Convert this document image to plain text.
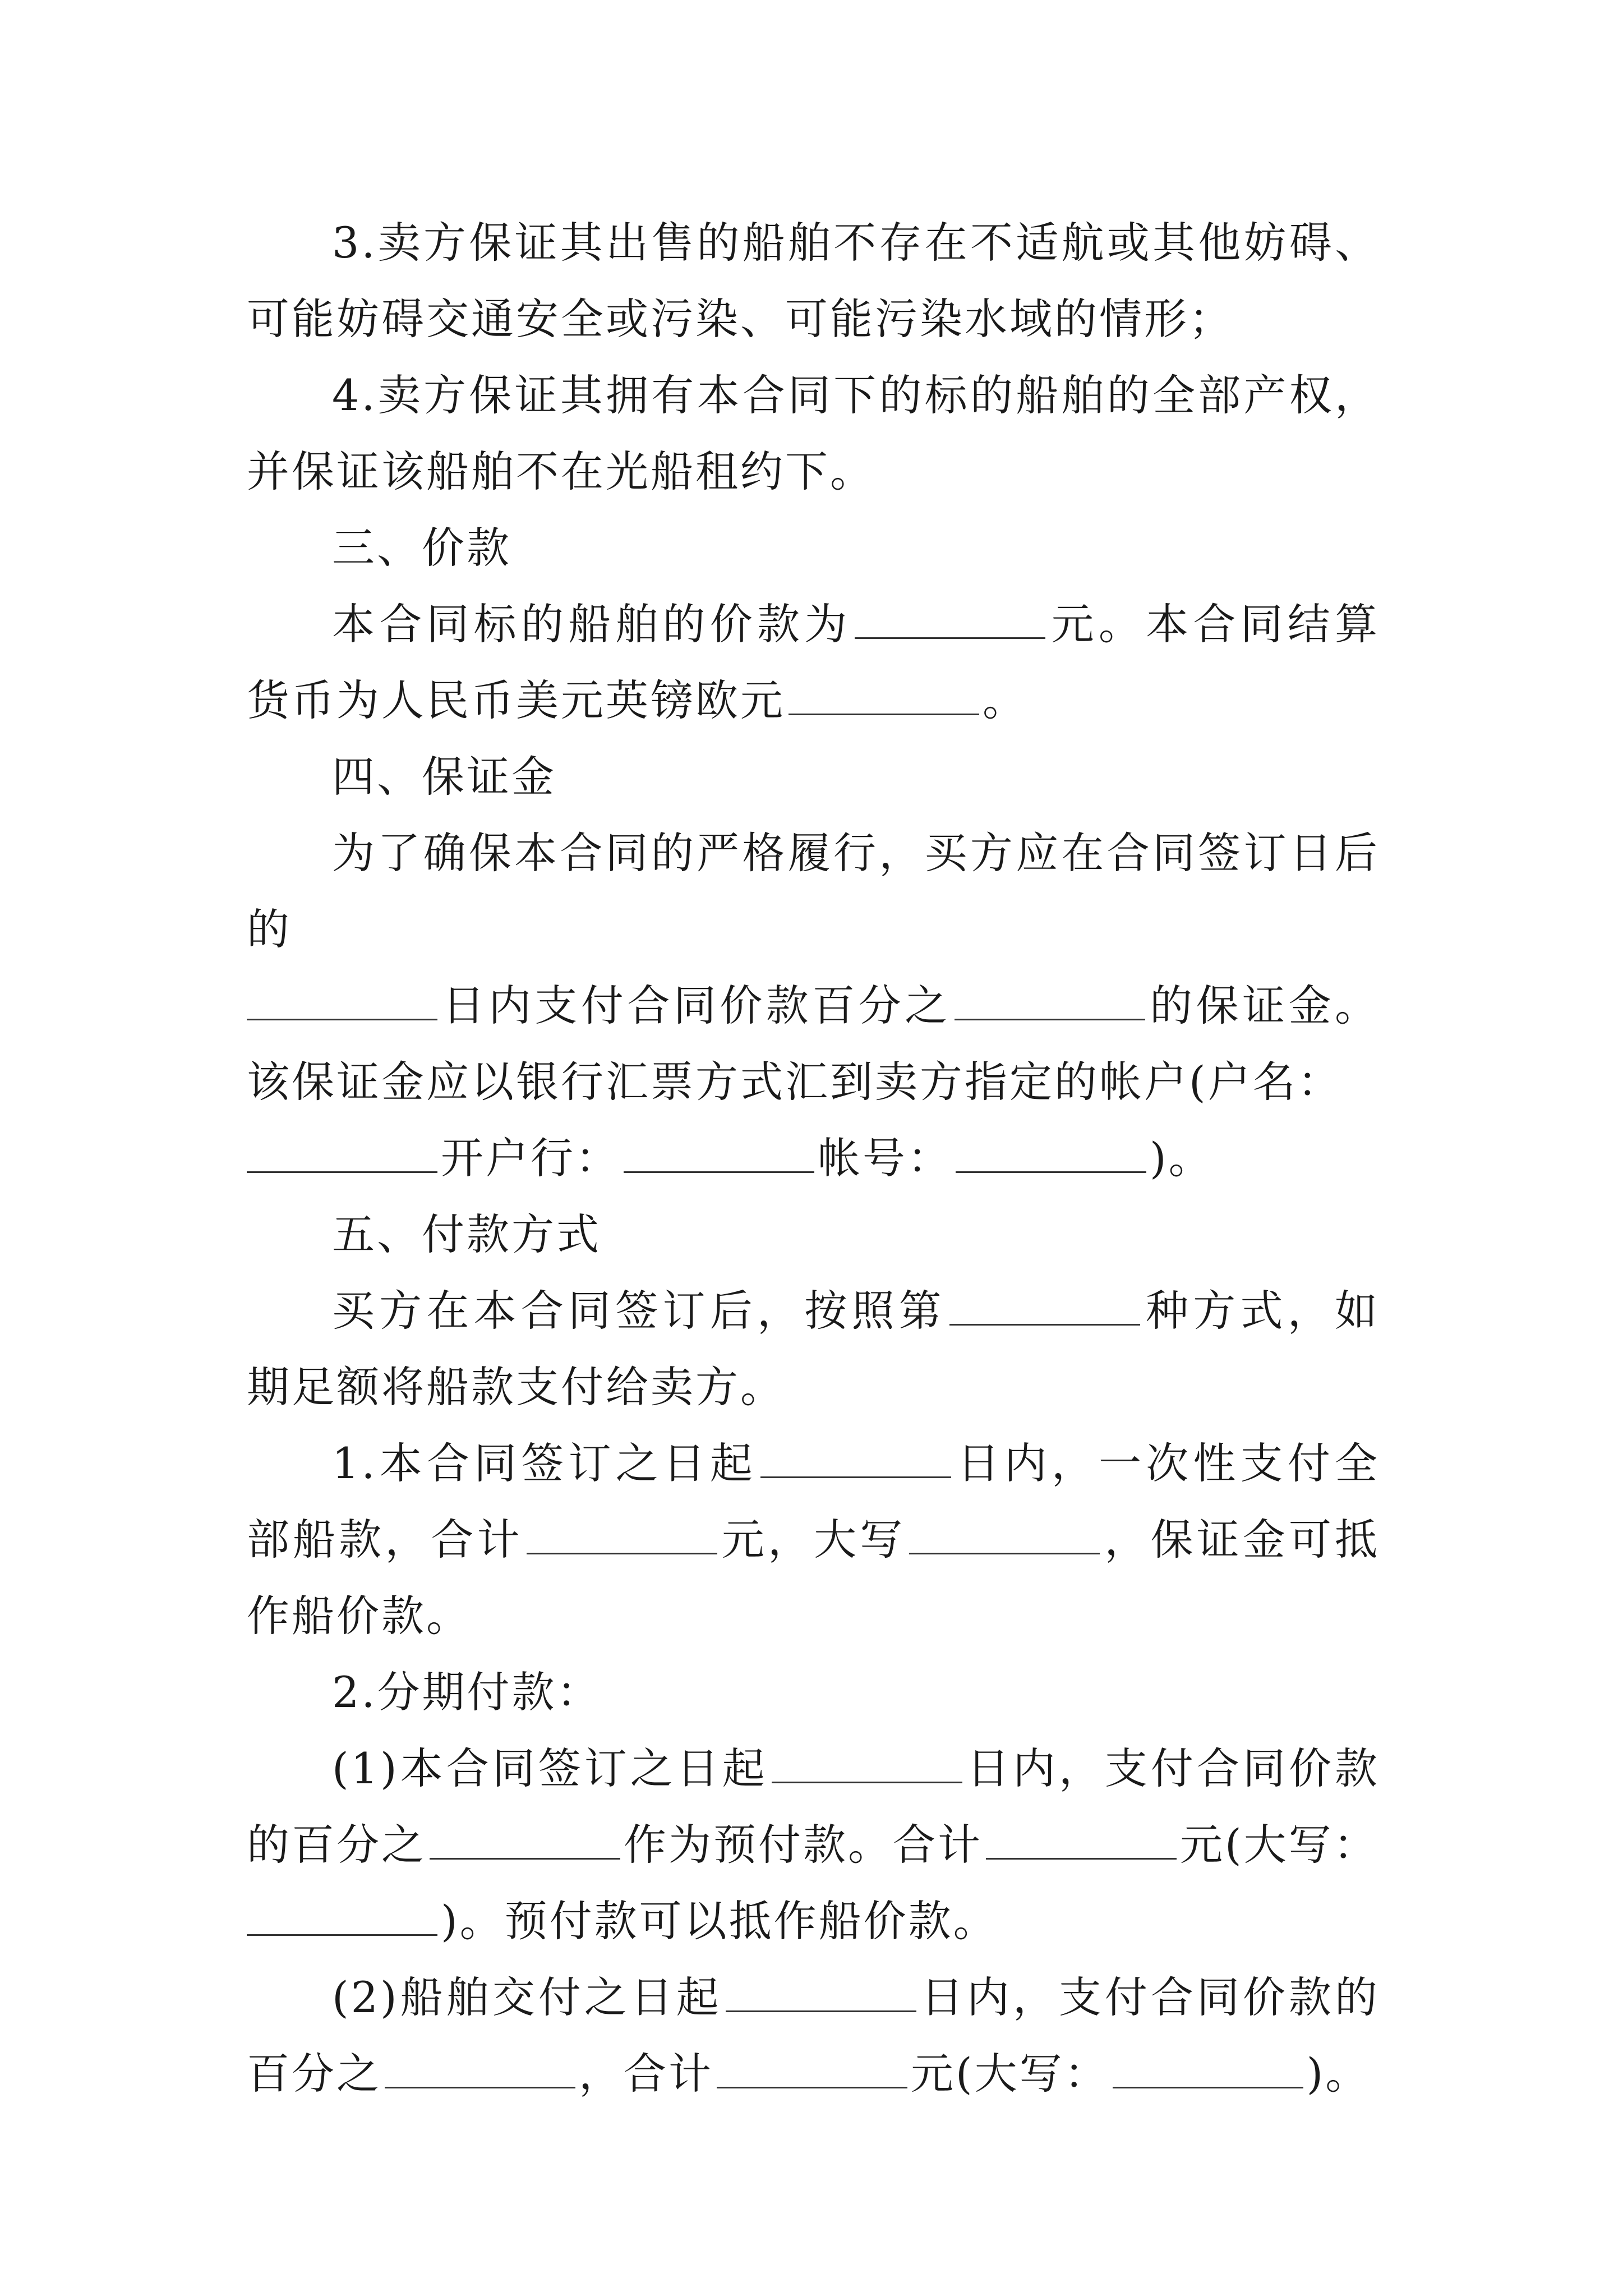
3.卖方保证其出售的船舶不存在不适航或其他妨碍、可能妨碍交通安全或污染、可能污染水域的情形；

4.卖方保证其拥有本合同下的标的船舶的全部产权，并保证该船舶不在光船租约下。

三、价款

本合同标的船舶的价款为	元。本合同结算货币为人民币美元英镑欧元	。

四、保证金

为了确保本合同的严格履行，买方应在合同签订日后的
日内支付合同价款百分之	的保证金。该保证金应以银行汇票方式汇到卖方指定的帐户(户名：
开户行：	帐号：	)。

五、付款方式

买方在本合同签订后，按照第	种方式，如期足额将船款支付给卖方。

1.本合同签订之日起	日内，一次性支付全部船款，合计	元，大写	，保证金可抵作船价款。

2.分期付款：

(1)本合同签订之日起	日内，支付合同价款的百分之	作为预付款。合计	元(大写：
)。预付款可以抵作船价款。

(2)船舶交付之日起	日内，支付合同价款的百分之	，合计	元(大写：	)。
